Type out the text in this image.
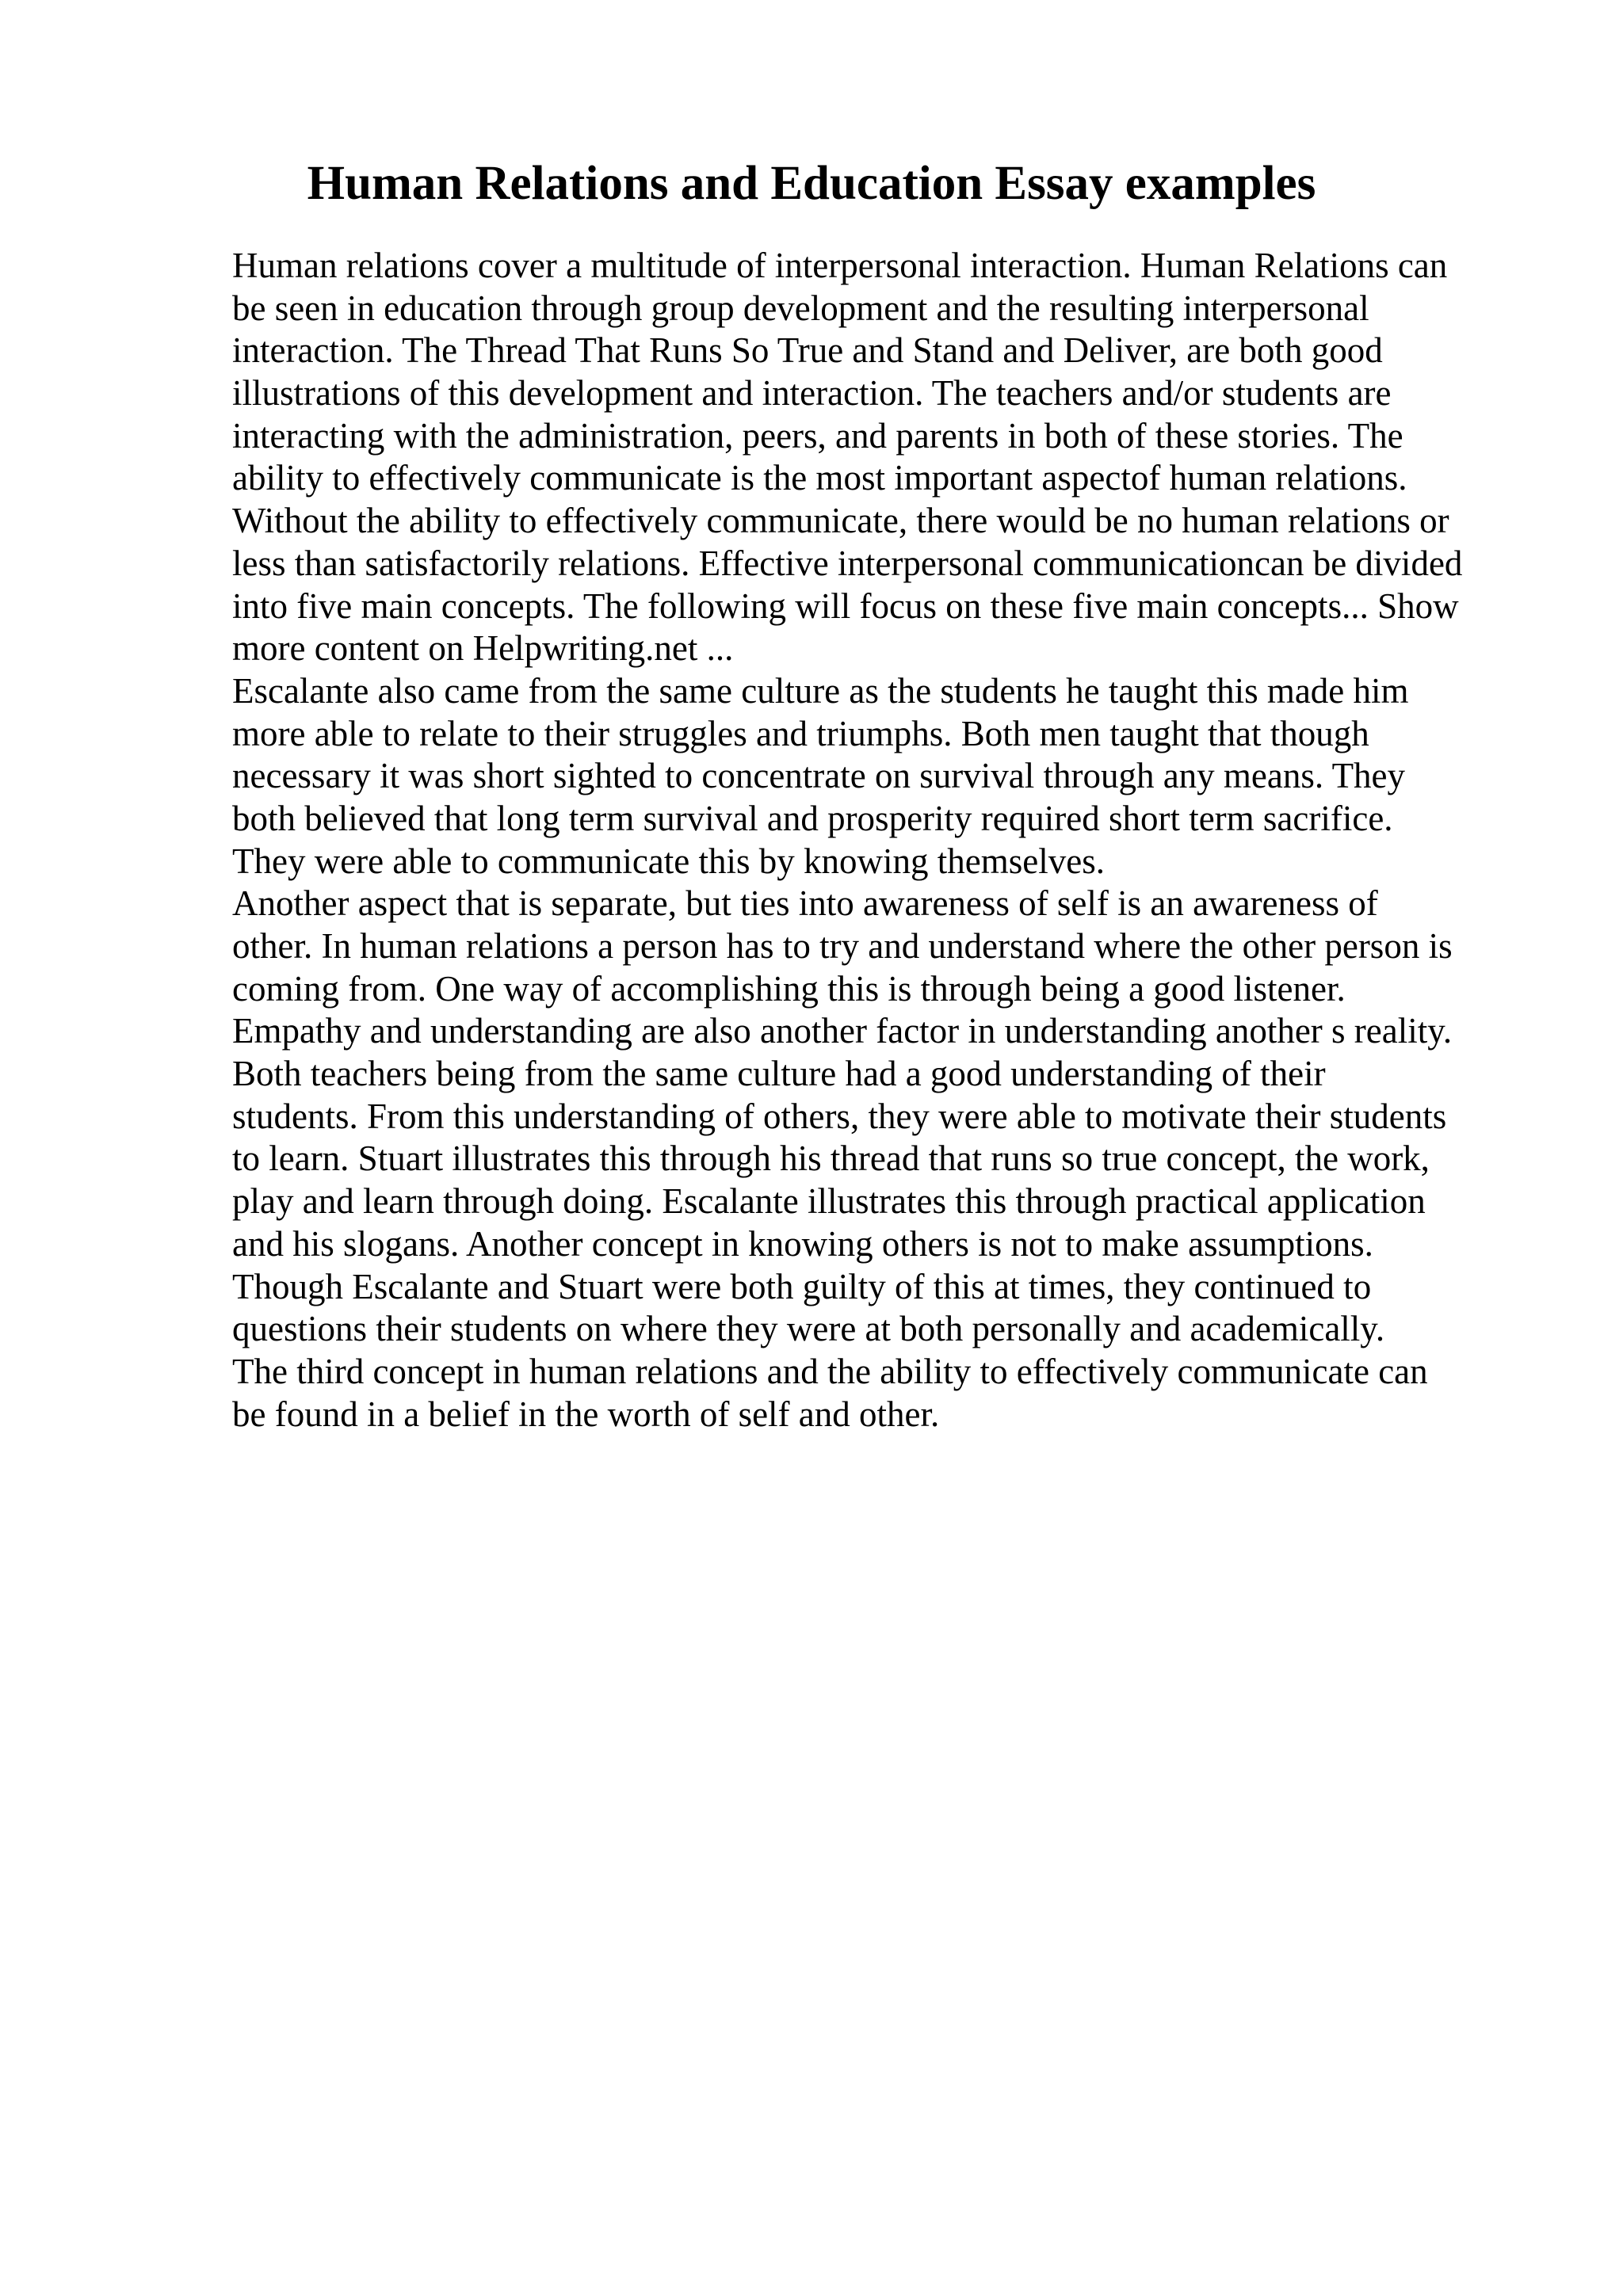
Human Relations and Education Essay examples
Human relations cover a multitude of interpersonal interaction. Human Relations can
be seen in education through group development and the resulting interpersonal
interaction. The Thread That Runs So True and Stand and Deliver, are both good
illustrations of this development and interaction. The teachers and/or students are
interacting with the administration, peers, and parents in both of these stories. The
ability to effectively communicate is the most important aspectof human relations.
Without the ability to effectively communicate, there would be no human relations or
less than satisfactorily relations. Effective interpersonal communicationcan be divided
into five main concepts. The following will focus on these five main concepts... Show
more content on Helpwriting.net ...
Escalante also came from the same culture as the students he taught this made him
more able to relate to their struggles and triumphs. Both men taught that though
necessary it was short sighted to concentrate on survival through any means. They
both believed that long term survival and prosperity required short term sacrifice.
They were able to communicate this by knowing themselves.
Another aspect that is separate, but ties into awareness of self is an awareness of
other. In human relations a person has to try and understand where the other person is
coming from. One way of accomplishing this is through being a good listener.
Empathy and understanding are also another factor in understanding another s reality.
Both teachers being from the same culture had a good understanding of their
students. From this understanding of others, they were able to motivate their students
to learn. Stuart illustrates this through his thread that runs so true concept, the work,
play and learn through doing. Escalante illustrates this through practical application
and his slogans. Another concept in knowing others is not to make assumptions.
Though Escalante and Stuart were both guilty of this at times, they continued to
questions their students on where they were at both personally and academically.
The third concept in human relations and the ability to effectively communicate can
be found in a belief in the worth of self and other.
